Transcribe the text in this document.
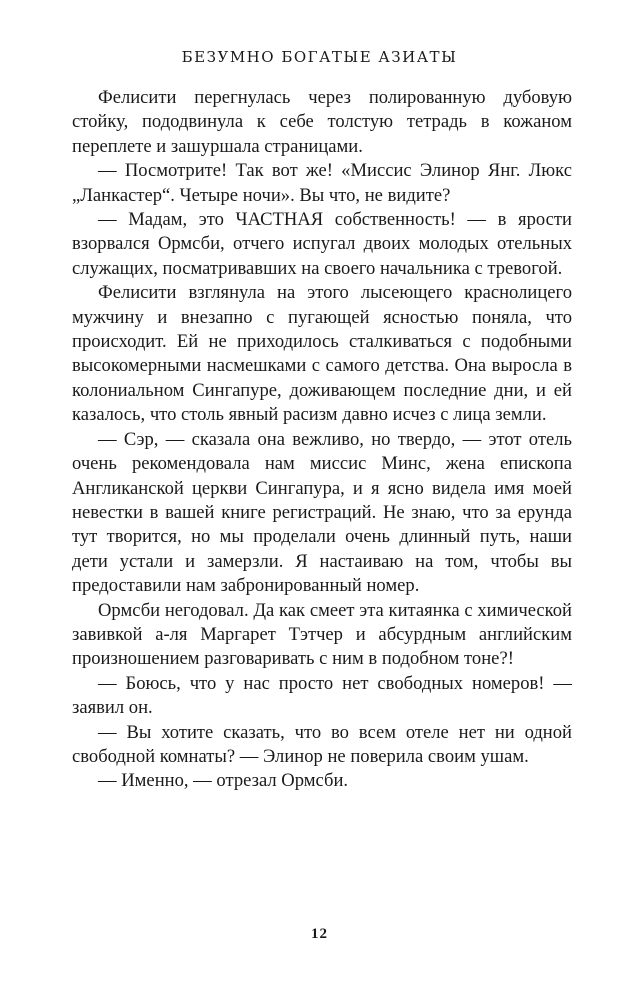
БЕЗУМНО БОГАТЫЕ АЗИАТЫ

Фелисити перегнулась через полированную дубовую стойку, пододвинула к себе толстую тетрадь в кожаном переплете и зашуршала страницами.

— Посмотрите! Так вот же! «Миссис Элинор Янг. Люкс „Ланкастер“. Четыре ночи». Вы что, не видите?

— Мадам, это ЧАСТНАЯ собственность! — в ярости взорвался Ормсби, отчего испугал двоих молодых отельных служащих, посматривавших на своего начальника с тревогой.

Фелисити взглянула на этого лысеющего краснолицего мужчину и внезапно с пугающей ясностью поняла, что происходит. Ей не приходилось сталкиваться с подобными высокомерными насмешками с самого детства. Она выросла в колониальном Сингапуре, доживающем последние дни, и ей казалось, что столь явный расизм давно исчез с лица земли.

— Сэр, — сказала она вежливо, но твердо, — этот отель очень рекомендовала нам миссис Минс, жена епископа Англиканской церкви Сингапура, и я ясно видела имя моей невестки в вашей книге регистраций. Не знаю, что за ерунда тут творится, но мы проделали очень длинный путь, наши дети устали и замерзли. Я настаиваю на том, чтобы вы предоставили нам забронированный номер.

Ормсби негодовал. Да как смеет эта китаянка с химической завивкой а-ля Маргарет Тэтчер и абсурдным английским произношением разговаривать с ним в подобном тоне?!

— Боюсь, что у нас просто нет свободных номеров! — заявил он.

— Вы хотите сказать, что во всем отеле нет ни одной свободной комнаты? — Элинор не поверила своим ушам.

— Именно, — отрезал Ормсби.

12
